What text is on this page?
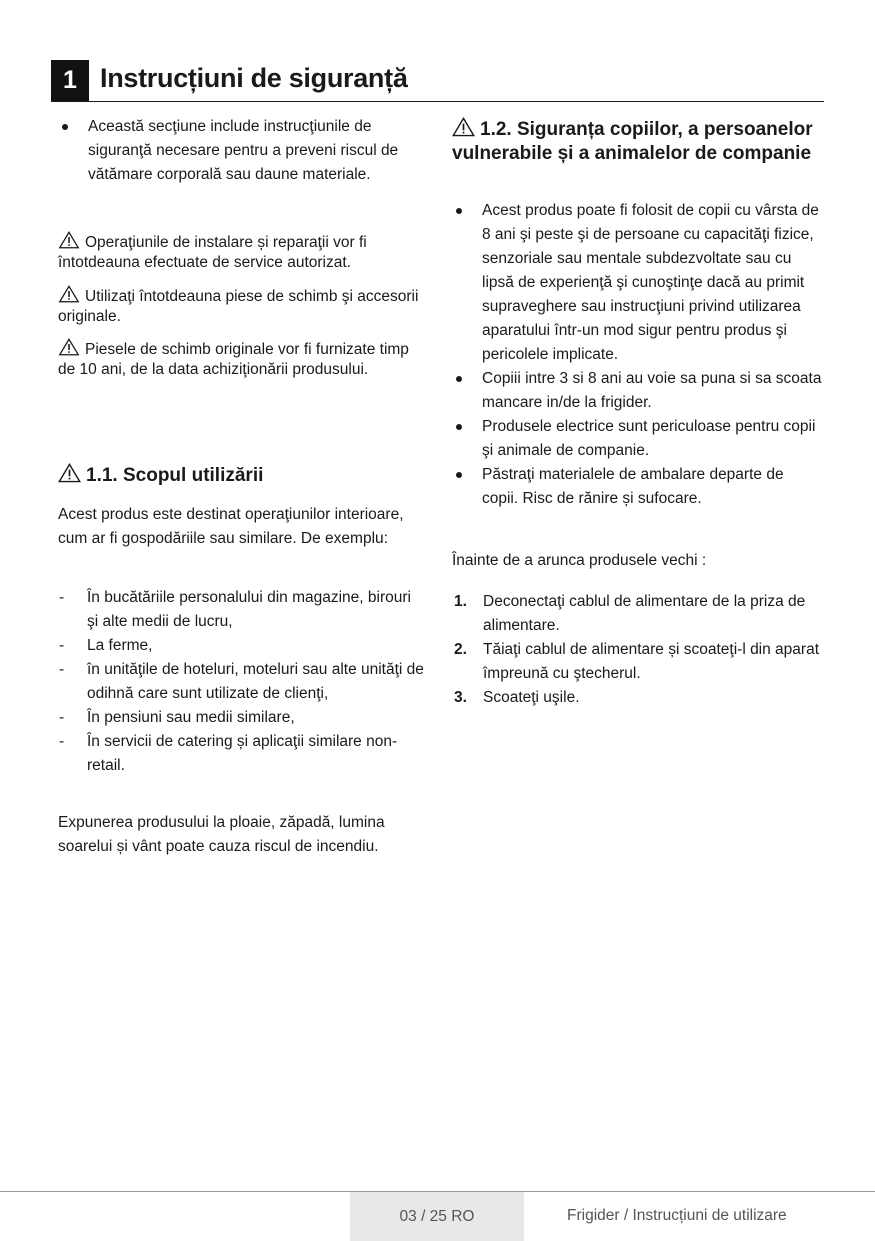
1 Instrucțiuni de siguranță
Această secţiune include instrucţiunile de siguranţă necesare pentru a preveni riscul de vătămare corporală sau daune materiale.
Operaţiunile de instalare și reparaţii vor fi întotdeauna efectuate de service autorizat.
Utilizaţi întotdeauna piese de schimb şi accesorii originale.
Piesele de schimb originale vor fi furnizate timp de 10 ani, de la data achiziţionării produsului.
1.1. Scopul utilizării
Acest produs este destinat operaţiunilor interioare, cum ar fi gospodăriile sau similare. De exemplu:
- În bucătăriile personalului din magazine, birouri şi alte medii de lucru,
- La ferme,
- în unităţile de hoteluri, moteluri sau alte unităţi de odihnă care sunt utilizate de clienţi,
- În pensiuni sau medii similare,
- În servicii de catering și aplicaţii similare non-retail.
Expunerea produsului la ploaie, zăpadă, lumina soarelui și vânt poate cauza riscul de incendiu.
1.2. Siguranța copiilor, a persoanelor vulnerabile și a animalelor de companie
Acest produs poate fi folosit de copii cu vârsta de 8 ani şi peste şi de persoane cu capacităţi fizice, senzoriale sau mentale subdezvoltate sau cu lipsă de experienţă şi cunoştinţe dacă au primit supraveghere sau instrucţiuni privind utilizarea aparatului într-un mod sigur pentru produs şi pericolele implicate.
Copiii intre 3 si 8 ani au voie sa puna si sa scoata mancare in/de la frigider.
Produsele electrice sunt periculoase pentru copii şi animale de companie.
Păstraţi materialele de ambalare departe de copii. Risc de rănire și sufocare.
Înainte de a arunca produsele vechi :
1. Deconectaţi cablul de alimentare de la priza de alimentare.
2. Tăiaţi cablul de alimentare și scoateţi-l din aparat împreună cu ştecherul.
3. Scoateţi uşile.
03 / 25 RO	Frigider / Instrucțiuni de utilizare
